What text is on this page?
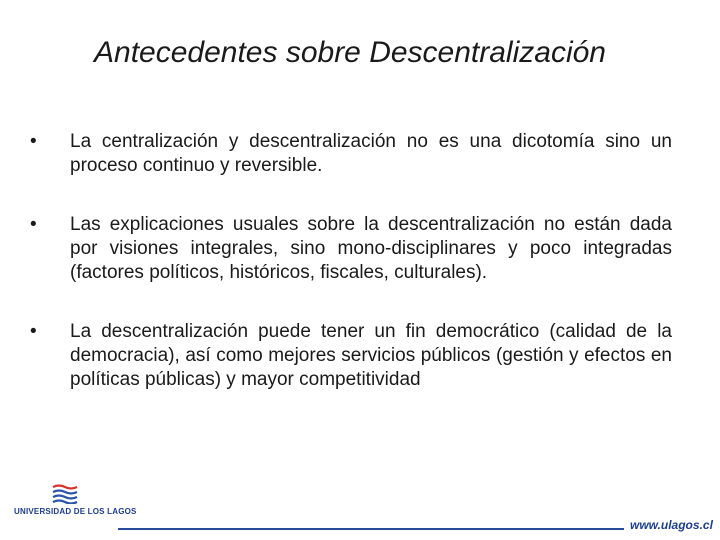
Antecedentes sobre Descentralización
• La centralización y descentralización no es una dicotomía sino un proceso continuo y reversible.
• Las explicaciones usuales sobre la descentralización no están dada por visiones integrales, sino mono-disciplinares y poco integradas (factores políticos, históricos, fiscales, culturales).
• La descentralización puede tener un fin democrático (calidad de la democracia), así como mejores servicios públicos (gestión y efectos en políticas públicas) y mayor competitividad
UNIVERSIDAD DE LOS LAGOS
www.ulagos.cl
